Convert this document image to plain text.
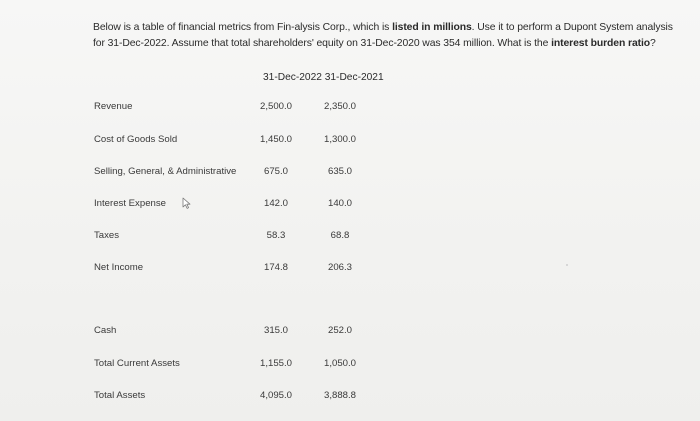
Below is a table of financial metrics from Fin-alysis Corp., which is listed in millions. Use it to perform a Dupont System analysis for 31-Dec-2022. Assume that total shareholders' equity on 31-Dec-2020 was 354 million. What is the interest burden ratio?
31-Dec-2022 31-Dec-2021
Revenue	2,500.0	2,350.0
Cost of Goods Sold	1,450.0	1,300.0
Selling, General, & Administrative	675.0	635.0
Interest Expense	142.0	140.0
Taxes	58.3	68.8
Net Income	174.8	206.3
Cash	315.0	252.0
Total Current Assets	1,155.0	1,050.0
Total Assets	4,095.0	3,888.8
